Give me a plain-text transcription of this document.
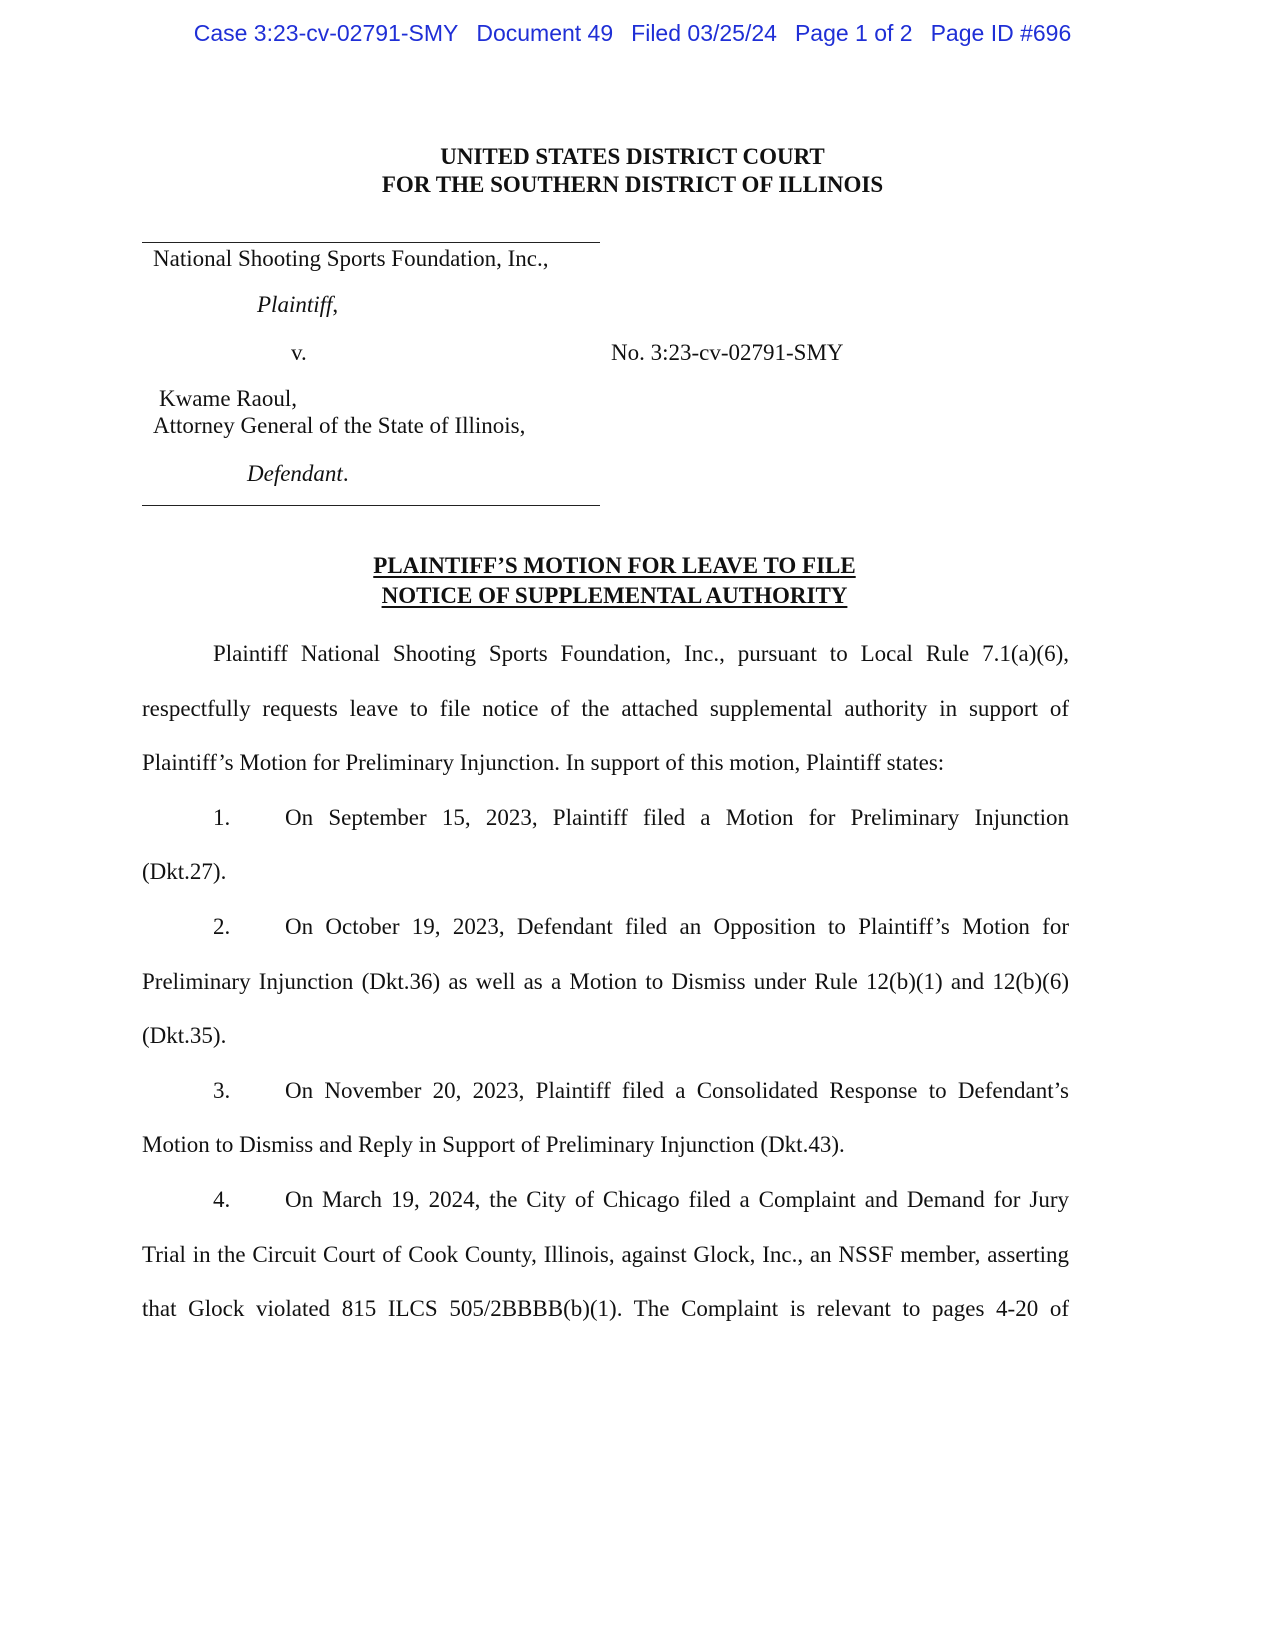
Case 3:23-cv-02791-SMY Document 49 Filed 03/25/24 Page 1 of 2 Page ID #696
UNITED STATES DISTRICT COURT
FOR THE SOUTHERN DISTRICT OF ILLINOIS
National Shooting Sports Foundation, Inc.,
Plaintiff,
v.	No. 3:23-cv-02791-SMY
Kwame Raoul,
Attorney General of the State of Illinois,
Defendant.
PLAINTIFF’S MOTION FOR LEAVE TO FILE
NOTICE OF SUPPLEMENTAL AUTHORITY
Plaintiff National Shooting Sports Foundation, Inc., pursuant to Local Rule 7.1(a)(6),
respectfully requests leave to file notice of the attached supplemental authority in support of
Plaintiff’s Motion for Preliminary Injunction. In support of this motion, Plaintiff states:
1. On September 15, 2023, Plaintiff filed a Motion for Preliminary Injunction
(Dkt.27).
2. On October 19, 2023, Defendant filed an Opposition to Plaintiff’s Motion for
Preliminary Injunction (Dkt.36) as well as a Motion to Dismiss under Rule 12(b)(1) and 12(b)(6)
(Dkt.35).
3. On November 20, 2023, Plaintiff filed a Consolidated Response to Defendant’s
Motion to Dismiss and Reply in Support of Preliminary Injunction (Dkt.43).
4. On March 19, 2024, the City of Chicago filed a Complaint and Demand for Jury
Trial in the Circuit Court of Cook County, Illinois, against Glock, Inc., an NSSF member, asserting
that Glock violated 815 ILCS 505/2BBBB(b)(1). The Complaint is relevant to pages 4-20 of
